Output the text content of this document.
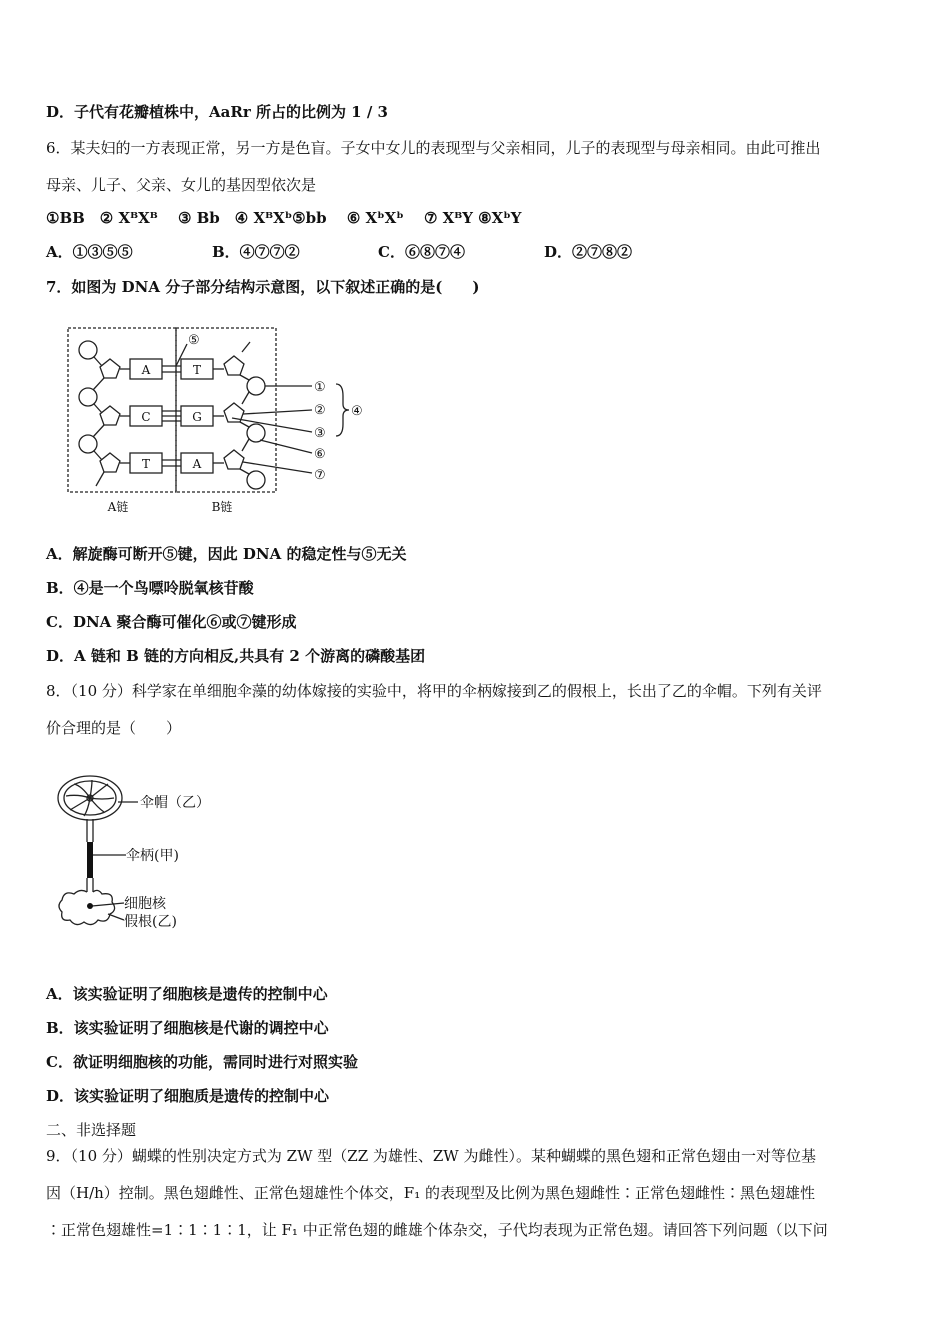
D．子代有花瓣植株中，AaRr 所占的比例为 1 / 3
6．某夫妇的一方表现正常，另一方是色盲。子女中女儿的表现型与父亲相同，儿子的表现型与母亲相同。由此可推出
母亲、儿子、父亲、女儿的基因型依次是
①BB　② XᴮXᴮ　 ③ Bb　④ XᴮXᵇ⑤bb　 ⑥ XᵇXᵇ　 ⑦ XᴮY ⑧XᵇY
A．①③⑤⑤	B．④⑦⑦②	C．⑥⑧⑦④	D．②⑦⑧②
7．如图为 DNA 分子部分结构示意图，以下叙述正确的是(　　)
A	T
C	G
T	A
⑤
①
②
③
④
⑥
⑦
A链	B链
A．解旋酶可断开⑤键，因此 DNA 的稳定性与⑤无关
B．④是一个鸟嘌呤脱氧核苷酸
C．DNA 聚合酶可催化⑥或⑦键形成
D．A 链和 B 链的方向相反,共具有 2 个游离的磷酸基团
8．（10 分）科学家在单细胞伞藻的幼体嫁接的实验中，将甲的伞柄嫁接到乙的假根上，长出了乙的伞帽。下列有关评
价合理的是（　　）
伞帽（乙）
伞柄(甲)
细胞核
假根(乙)
A．该实验证明了细胞核是遗传的控制中心
B．该实验证明了细胞核是代谢的调控中心
C．欲证明细胞核的功能，需同时进行对照实验
D．该实验证明了细胞质是遗传的控制中心
二、非选择题
9．（10 分）蝴蝶的性别决定方式为 ZW 型（ZZ 为雄性、ZW 为雌性）。某种蝴蝶的黑色翅和正常色翅由一对等位基
因（H/h）控制。黑色翅雌性、正常色翅雄性个体交，F₁ 的表现型及比例为黑色翅雌性∶正常色翅雌性∶黑色翅雄性
∶正常色翅雄性=1∶1∶1∶1，让 F₁ 中正常色翅的雌雄个体杂交，子代均表现为正常色翅。请回答下列问题（以下问
